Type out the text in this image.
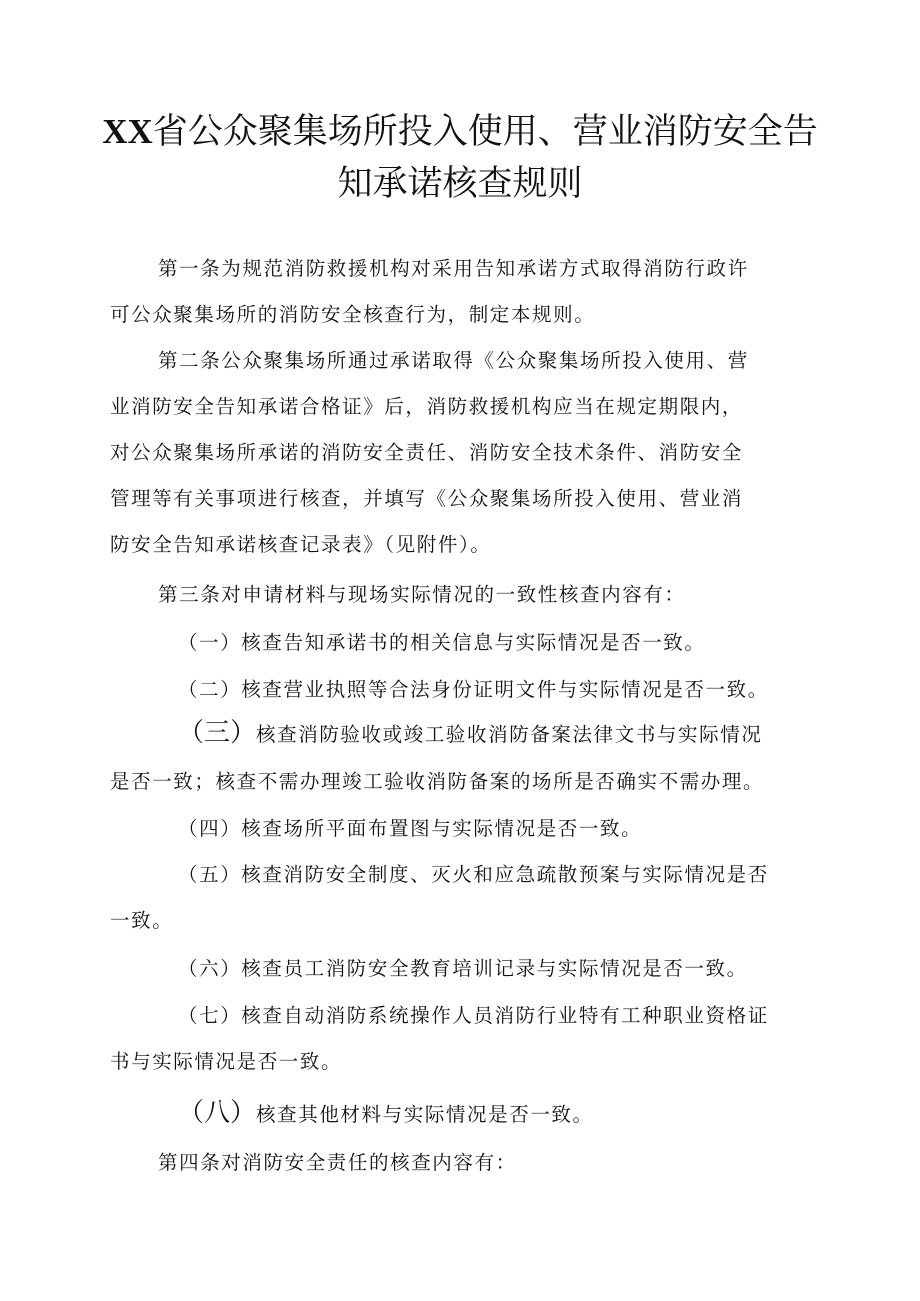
XX省公众聚集场所投入使用、营业消防安全告
知承诺核查规则

第一条为规范消防救援机构对采用告知承诺方式取得消防行政许

可公众聚集场所的消防安全核查行为，制定本规则。

第二条公众聚集场所通过承诺取得《公众聚集场所投入使用、营

业消防安全告知承诺合格证》后，消防救援机构应当在规定期限内，

对公众聚集场所承诺的消防安全责任、消防安全技术条件、消防安全

管理等有关事项进行核查，并填写《公众聚集场所投入使用、营业消

防安全告知承诺核查记录表》（见附件）。

第三条对申请材料与现场实际情况的一致性核查内容有：

（一）核查告知承诺书的相关信息与实际情况是否一致。

（二）核查营业执照等合法身份证明文件与实际情况是否一致。

（三）核查消防验收或竣工验收消防备案法律文书与实际情况

是否一致；核查不需办理竣工验收消防备案的场所是否确实不需办理。

（四）核查场所平面布置图与实际情况是否一致。

（五）核查消防安全制度、灭火和应急疏散预案与实际情况是否

一致。

（六）核查员工消防安全教育培训记录与实际情况是否一致。

（七）核查自动消防系统操作人员消防行业特有工种职业资格证

书与实际情况是否一致。

（八）核查其他材料与实际情况是否一致。

第四条对消防安全责任的核查内容有：
